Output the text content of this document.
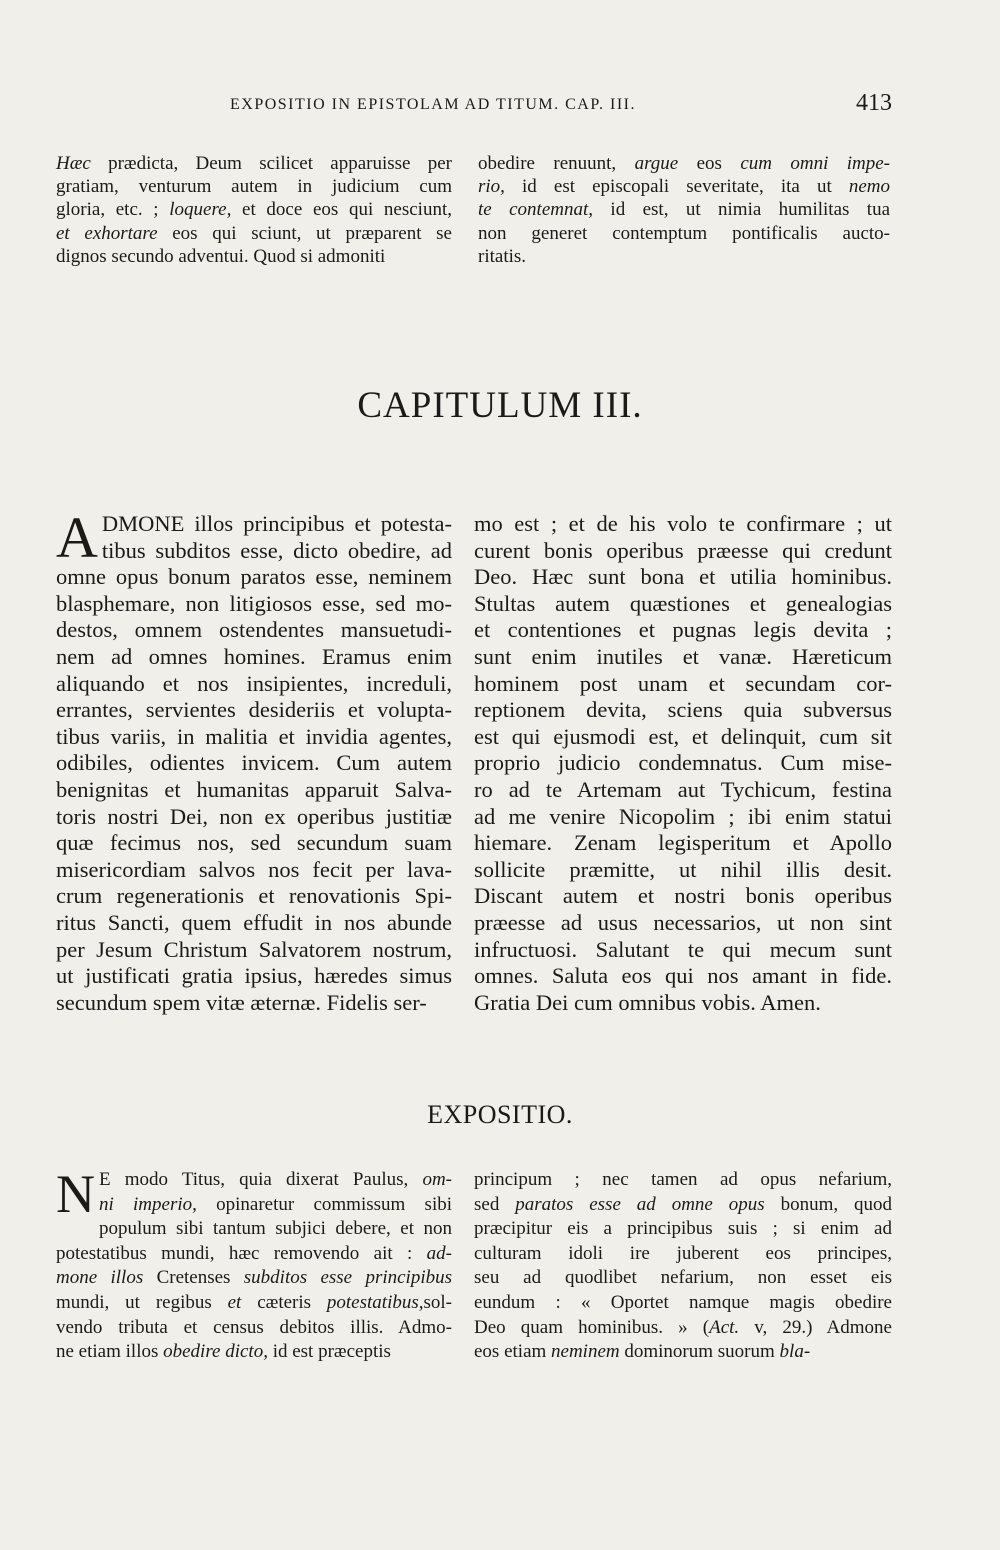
EXPOSITIO IN EPISTOLAM AD TITUM. CAP. III.	413
Hæc prædicta, Deum scilicet apparuisse per
gratiam, venturum autem in judicium cum
gloria, etc. ; loquere, et doce eos qui nesciunt,
et exhortare eos qui sciunt, ut præparent se
dignos secundo adventui. Quod si admoniti
obedire renuunt, argue eos cum omni impe-
rio, id est episcopali severitate, ita ut nemo
te contemnat, id est, ut nimia humilitas tua
non generet contemptum pontificalis aucto-
ritatis.
CAPITULUM III.
A DMONE illos principibus et potesta-
tibus subditos esse, dicto obedire, ad
omne opus bonum paratos esse, neminem
blasphemare, non litigiosos esse, sed mo-
destos, omnem ostendentes mansuetudi-
nem ad omnes homines. Eramus enim
aliquando et nos insipientes, increduli,
errantes, servientes desideriis et volupta-
tibus variis, in malitia et invidia agentes,
odibiles, odientes invicem. Cum autem
benignitas et humanitas apparuit Salva-
toris nostri Dei, non ex operibus justitiæ
quæ fecimus nos, sed secundum suam
misericordiam salvos nos fecit per lava-
crum regenerationis et renovationis Spi-
ritus Sancti, quem effudit in nos abunde
per Jesum Christum Salvatorem nostrum,
ut justificati gratia ipsius, hæredes simus
secundum spem vitæ æternæ. Fidelis ser-
mo est ; et de his volo te confirmare ; ut
curent bonis operibus præesse qui credunt
Deo. Hæc sunt bona et utilia hominibus.
Stultas autem quæstiones et genealogias
et contentiones et pugnas legis devita ;
sunt enim inutiles et vanæ. Hæreticum
hominem post unam et secundam cor-
reptionem devita, sciens quia subversus
est qui ejusmodi est, et delinquit, cum sit
proprio judicio condemnatus. Cum mise-
ro ad te Artemam aut Tychicum, festina
ad me venire Nicopolim ; ibi enim statui
hiemare. Zenam legisperitum et Apollo
sollicite præmitte, ut nihil illis desit.
Discant autem et nostri bonis operibus
præesse ad usus necessarios, ut non sint
infructuosi. Salutant te qui mecum sunt
omnes. Saluta eos qui nos amant in fide.
Gratia Dei cum omnibus vobis. Amen.
EXPOSITIO.
N E modo Titus, quia dixerat Paulus, om-
ni imperio, opinaretur commissum sibi
populum sibi tantum subjici debere, et non
potestatibus mundi, hæc removendo ait : ad-
mone illos Cretenses subditos esse principibus
mundi, ut regibus et cæteris potestatibus,sol-
vendo tributa et census debitos illis. Admo-
ne etiam illos obedire dicto, id est præceptis
principum ; nec tamen ad opus nefarium,
sed paratos esse ad omne opus bonum, quod
præcipitur eis a principibus suis ; si enim ad
culturam idoli ire juberent eos principes,
seu ad quodlibet nefarium, non esset eis
eundum : « Oportet namque magis obedire
Deo quam hominibus. » (Act. v, 29.) Admone
eos etiam neminem dominorum suorum bla-
